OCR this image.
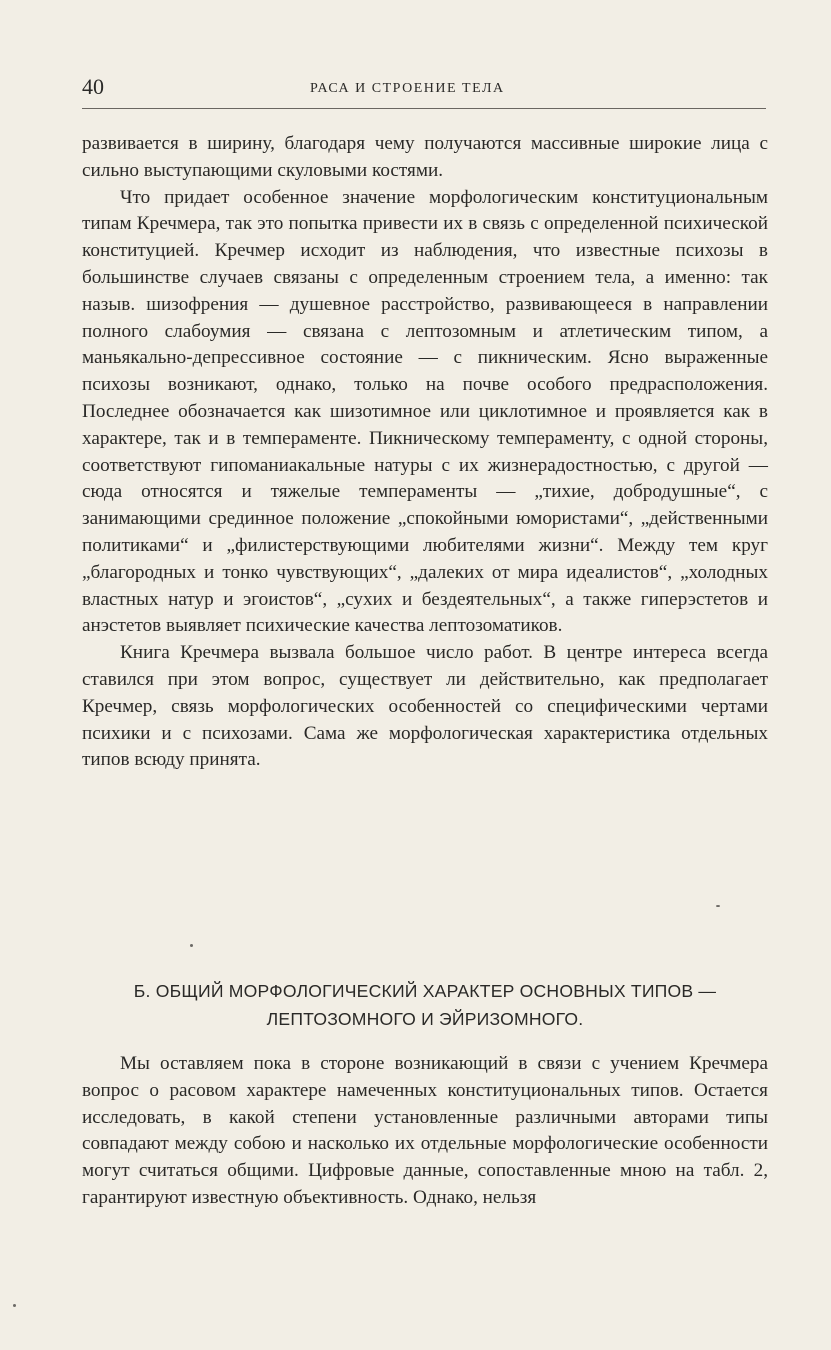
40	РАСА И СТРОЕНИЕ ТЕЛА

развивается в ширину, благодаря чему получаются массивные широкие лица с сильно выступающими скуловыми костями.

Что придает особенное значение морфологическим конституциональным типам Кречмера, так это попытка привести их в связь с определенной психической конституцией. Кречмер исходит из наблюдения, что известные психозы в большинстве случаев связаны с определенным строением тела, а именно: так назыв. шизофрения — душевное расстройство, развивающееся в направлении полного слабоумия — связана с лептозомным и атлетическим типом, а маньякально-депрессивное состояние — с пикническим. Ясно выраженные психозы возникают, однако, только на почве особого предрасположения. Последнее обозначается как шизотимное или циклотимное и проявляется как в характере, так и в темпераменте. Пикническому темпераменту, с одной стороны, соответствуют гипоманиакальные натуры с их жизнерадостностью, с другой — сюда относятся и тяжелые темпераменты — „тихие, добродушные“, с занимающими срединное положение „спокойными юмористами“, „действенными политиками“ и „филистерствующими любителями жизни“. Между тем круг „благородных и тонко чувствующих“, „далеких от мира идеалистов“, „холодных властных натур и эгоистов“, „сухих и бездеятельных“, а также гиперэстетов и анэстетов выявляет психические качества лептозоматиков.

Книга Кречмера вызвала большое число работ. В центре интереса всегда ставился при этом вопрос, существует ли действительно, как предполагает Кречмер, связь морфологических особенностей со специфическими чертами психики и с психозами. Сама же морфологическая характеристика отдельных типов всюду принята.

Б. ОБЩИЙ МОРФОЛОГИЧЕСКИЙ ХАРАКТЕР ОСНОВНЫХ ТИПОВ —
ЛЕПТОЗОМНОГО И ЭЙРИЗОМНОГО.

Мы оставляем пока в стороне возникающий в связи с учением Кречмера вопрос о расовом характере намеченных конституциональных типов. Остается исследовать, в какой степени установленные различными авторами типы совпадают между собою и насколько их отдельные морфологические особенности могут считаться общими. Цифровые данные, сопоставленные мною на табл. 2, гарантируют известную объективность. Однако, нельзя
